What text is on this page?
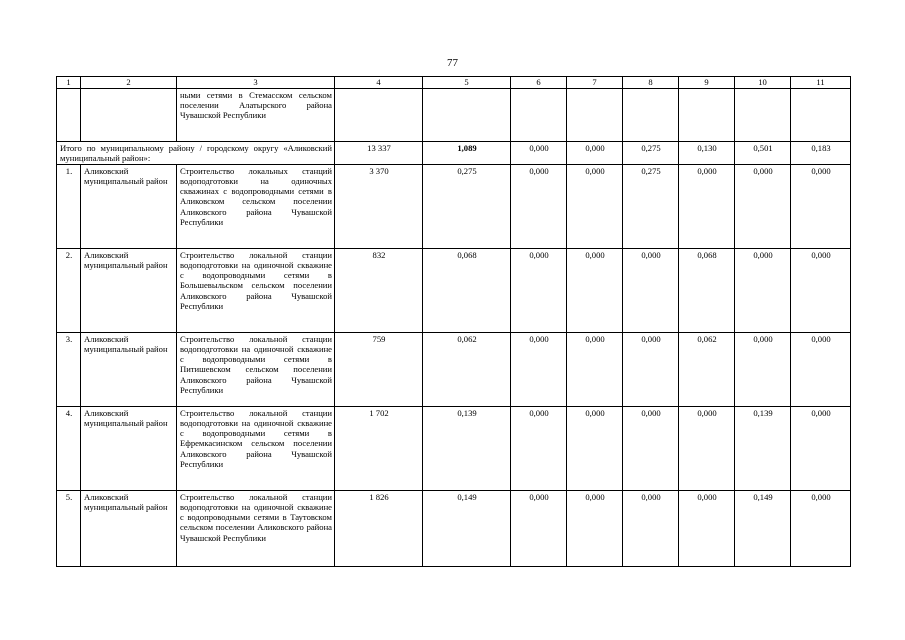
77
1	2	3	4	5	6	7	8	9	10	11
		ными сетями в Стемасском сельском поселении Алатырского района Чувашской Республики								
Итого по муниципальному району / городскому округу «Аликовский муниципальный район»:			13 337	1,089	0,000	0,000	0,275	0,130	0,501	0,183
1.	Аликовский муниципальный район	Строительство локальных станций водоподготовки на одиночных скважинах с водопроводными сетями в Аликовском сельском поселении Аликовского района Чувашской Республики	3 370	0,275	0,000	0,000	0,275	0,000	0,000	0,000
2.	Аликовский муниципальный район	Строительство локальной станции водоподготовки на одиночной скважине с водопроводными сетями в Большевыльском сельском поселении Аликовского района Чувашской Республики	832	0,068	0,000	0,000	0,000	0,068	0,000	0,000
3.	Аликовский муниципальный район	Строительство локальной станции водоподготовки на одиночной скважине с водопроводными сетями в Питишевском сельском поселении Аликовского района Чувашской Республики	759	0,062	0,000	0,000	0,000	0,062	0,000	0,000
4.	Аликовский муниципальный район	Строительство локальной станции водоподготовки на одиночной скважине с водопроводными сетями в Ефремкасинском сельском поселении Аликовского района Чувашской Республики	1 702	0,139	0,000	0,000	0,000	0,000	0,139	0,000
5.	Аликовский муниципальный район	Строительство локальной станции водоподготовки на одиночной скважине с водопроводными сетями в Таутовском сельском поселении Аликовского района Чувашской Республики	1 826	0,149	0,000	0,000	0,000	0,000	0,149	0,000
